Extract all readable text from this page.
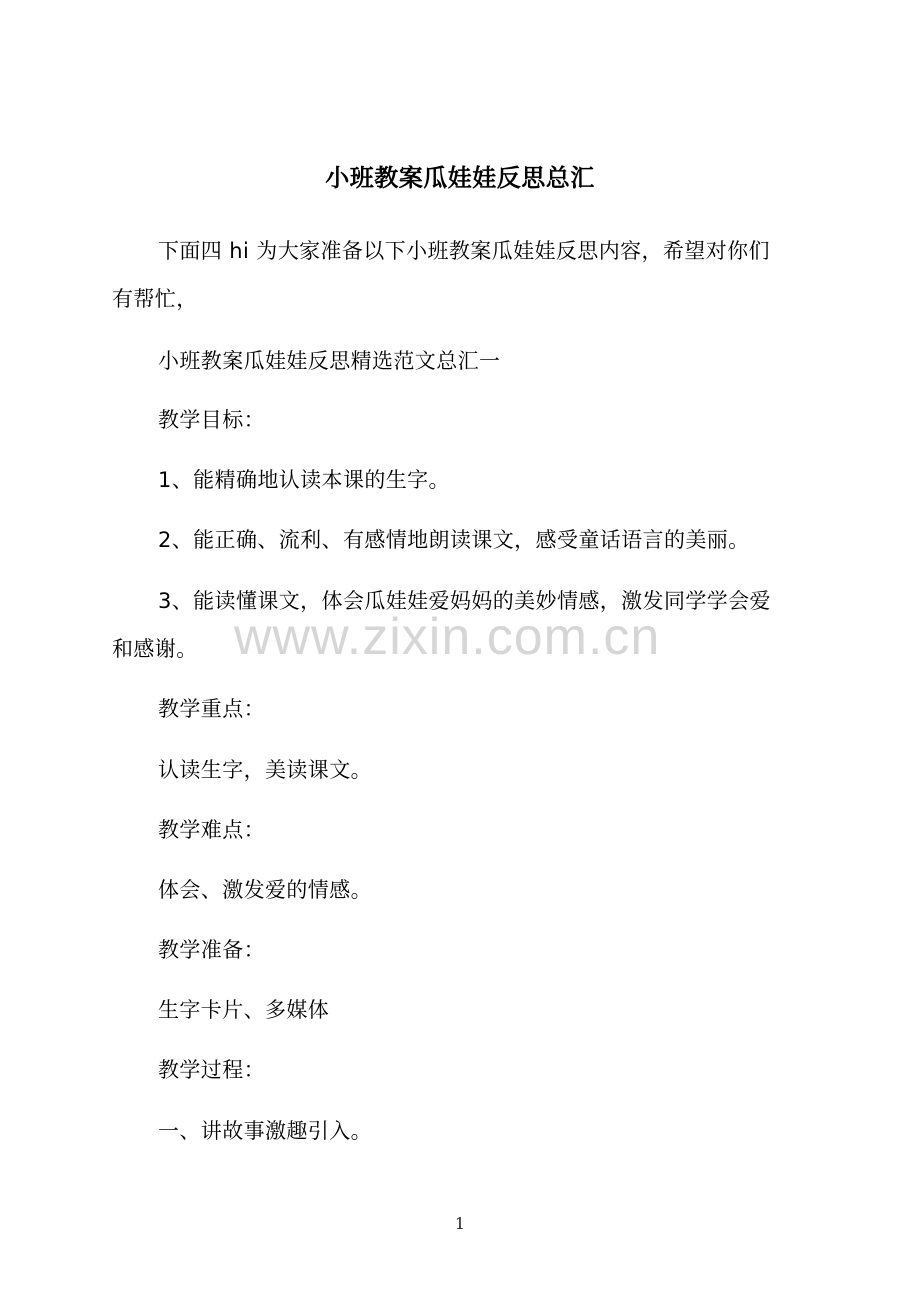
小班教案瓜娃娃反思总汇
下面四 hi 为大家准备以下小班教案瓜娃娃反思内容，希望对你们
有帮忙，
小班教案瓜娃娃反思精选范文总汇一
教学目标：
1、能精确地认读本课的生字。
2、能正确、流利、有感情地朗读课文，感受童话语言的美丽。
3、能读懂课文，体会瓜娃娃爱妈妈的美妙情感，激发同学学会爱
和感谢。
教学重点：
认读生字，美读课文。
教学难点：
体会、激发爱的情感。
教学准备：
生字卡片、多媒体
教学过程：
一、讲故事激趣引入。
www.zixin.com.cn
1
